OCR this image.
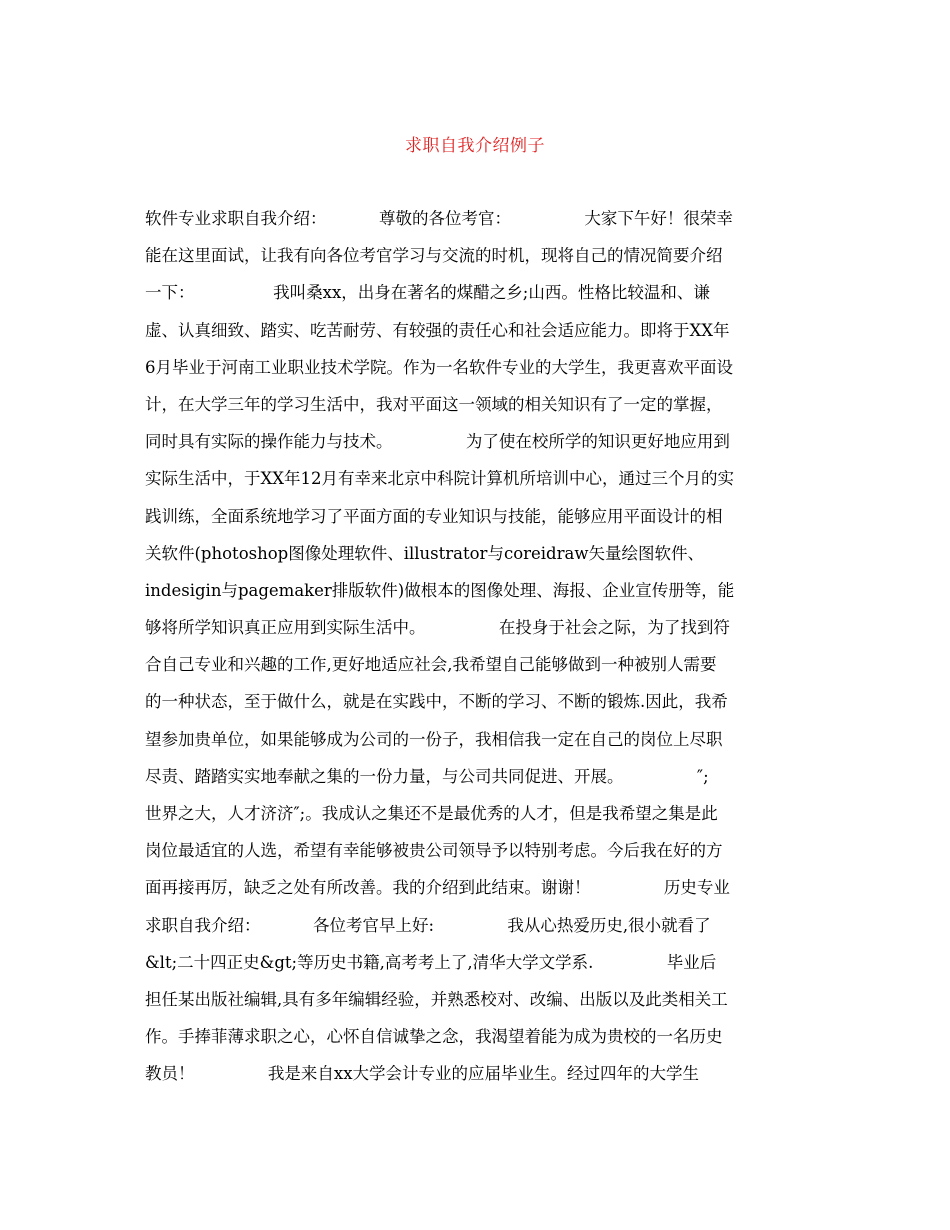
求职自我介绍例子
软件专业求职自我介绍：          尊敬的各位考官：              大家下午好！很荣幸
能在这里面试，让我有向各位考官学习与交流的时机，现将自己的情况简要介绍
一下：               我叫桑xx，出身在著名的煤醋之乡;山西。性格比较温和、谦
虚、认真细致、踏实、吃苦耐劳、有较强的责任心和社会适应能力。即将于XX年
6月毕业于河南工业职业技术学院。作为一名软件专业的大学生，我更喜欢平面设
计，在大学三年的学习生活中，我对平面这一领域的相关知识有了一定的掌握，
同时具有实际的操作能力与技术。              为了使在校所学的知识更好地应用到
实际生活中，于XX年12月有幸来北京中科院计算机所培训中心，通过三个月的实
践训练，全面系统地学习了平面方面的专业知识与技能，能够应用平面设计的相
关软件(photoshop图像处理软件、illustrator与coreidraw矢量绘图软件、
indesigin与pagemaker排版软件)做根本的图像处理、海报、企业宣传册等，能
够将所学知识真正应用到实际生活中。              在投身于社会之际，为了找到符
合自己专业和兴趣的工作,更好地适应社会,我希望自己能够做到一种被别人需要
的一种状态，至于做什么，就是在实践中，不断的学习、不断的锻炼.因此，我希
望参加贵单位，如果能够成为公司的一份子，我相信我一定在自己的岗位上尽职
尽责、踏踏实实地奉献之集的一份力量，与公司共同促进、开展。              ″;
世界之大，人才济济″;。我成认之集还不是最优秀的人才，但是我希望之集是此
岗位最适宜的人选，希望有幸能够被贵公司领导予以特别考虑。今后我在好的方
面再接再厉，缺乏之处有所改善。我的介绍到此结束。谢谢！              历史专业
求职自我介绍：          各位考官早上好:              我从心热爱历史,很小就看了
&lt;二十四正史&gt;等历史书籍,高考考上了,清华大学文学系.              毕业后
担任某出版社编辑,具有多年编辑经验，并熟悉校对、改编、出版以及此类相关工
作。手捧菲薄求职之心，心怀自信诚挚之念，我渴望着能为成为贵校的一名历史
教员！              我是来自xx大学会计专业的应届毕业生。经过四年的大学生
